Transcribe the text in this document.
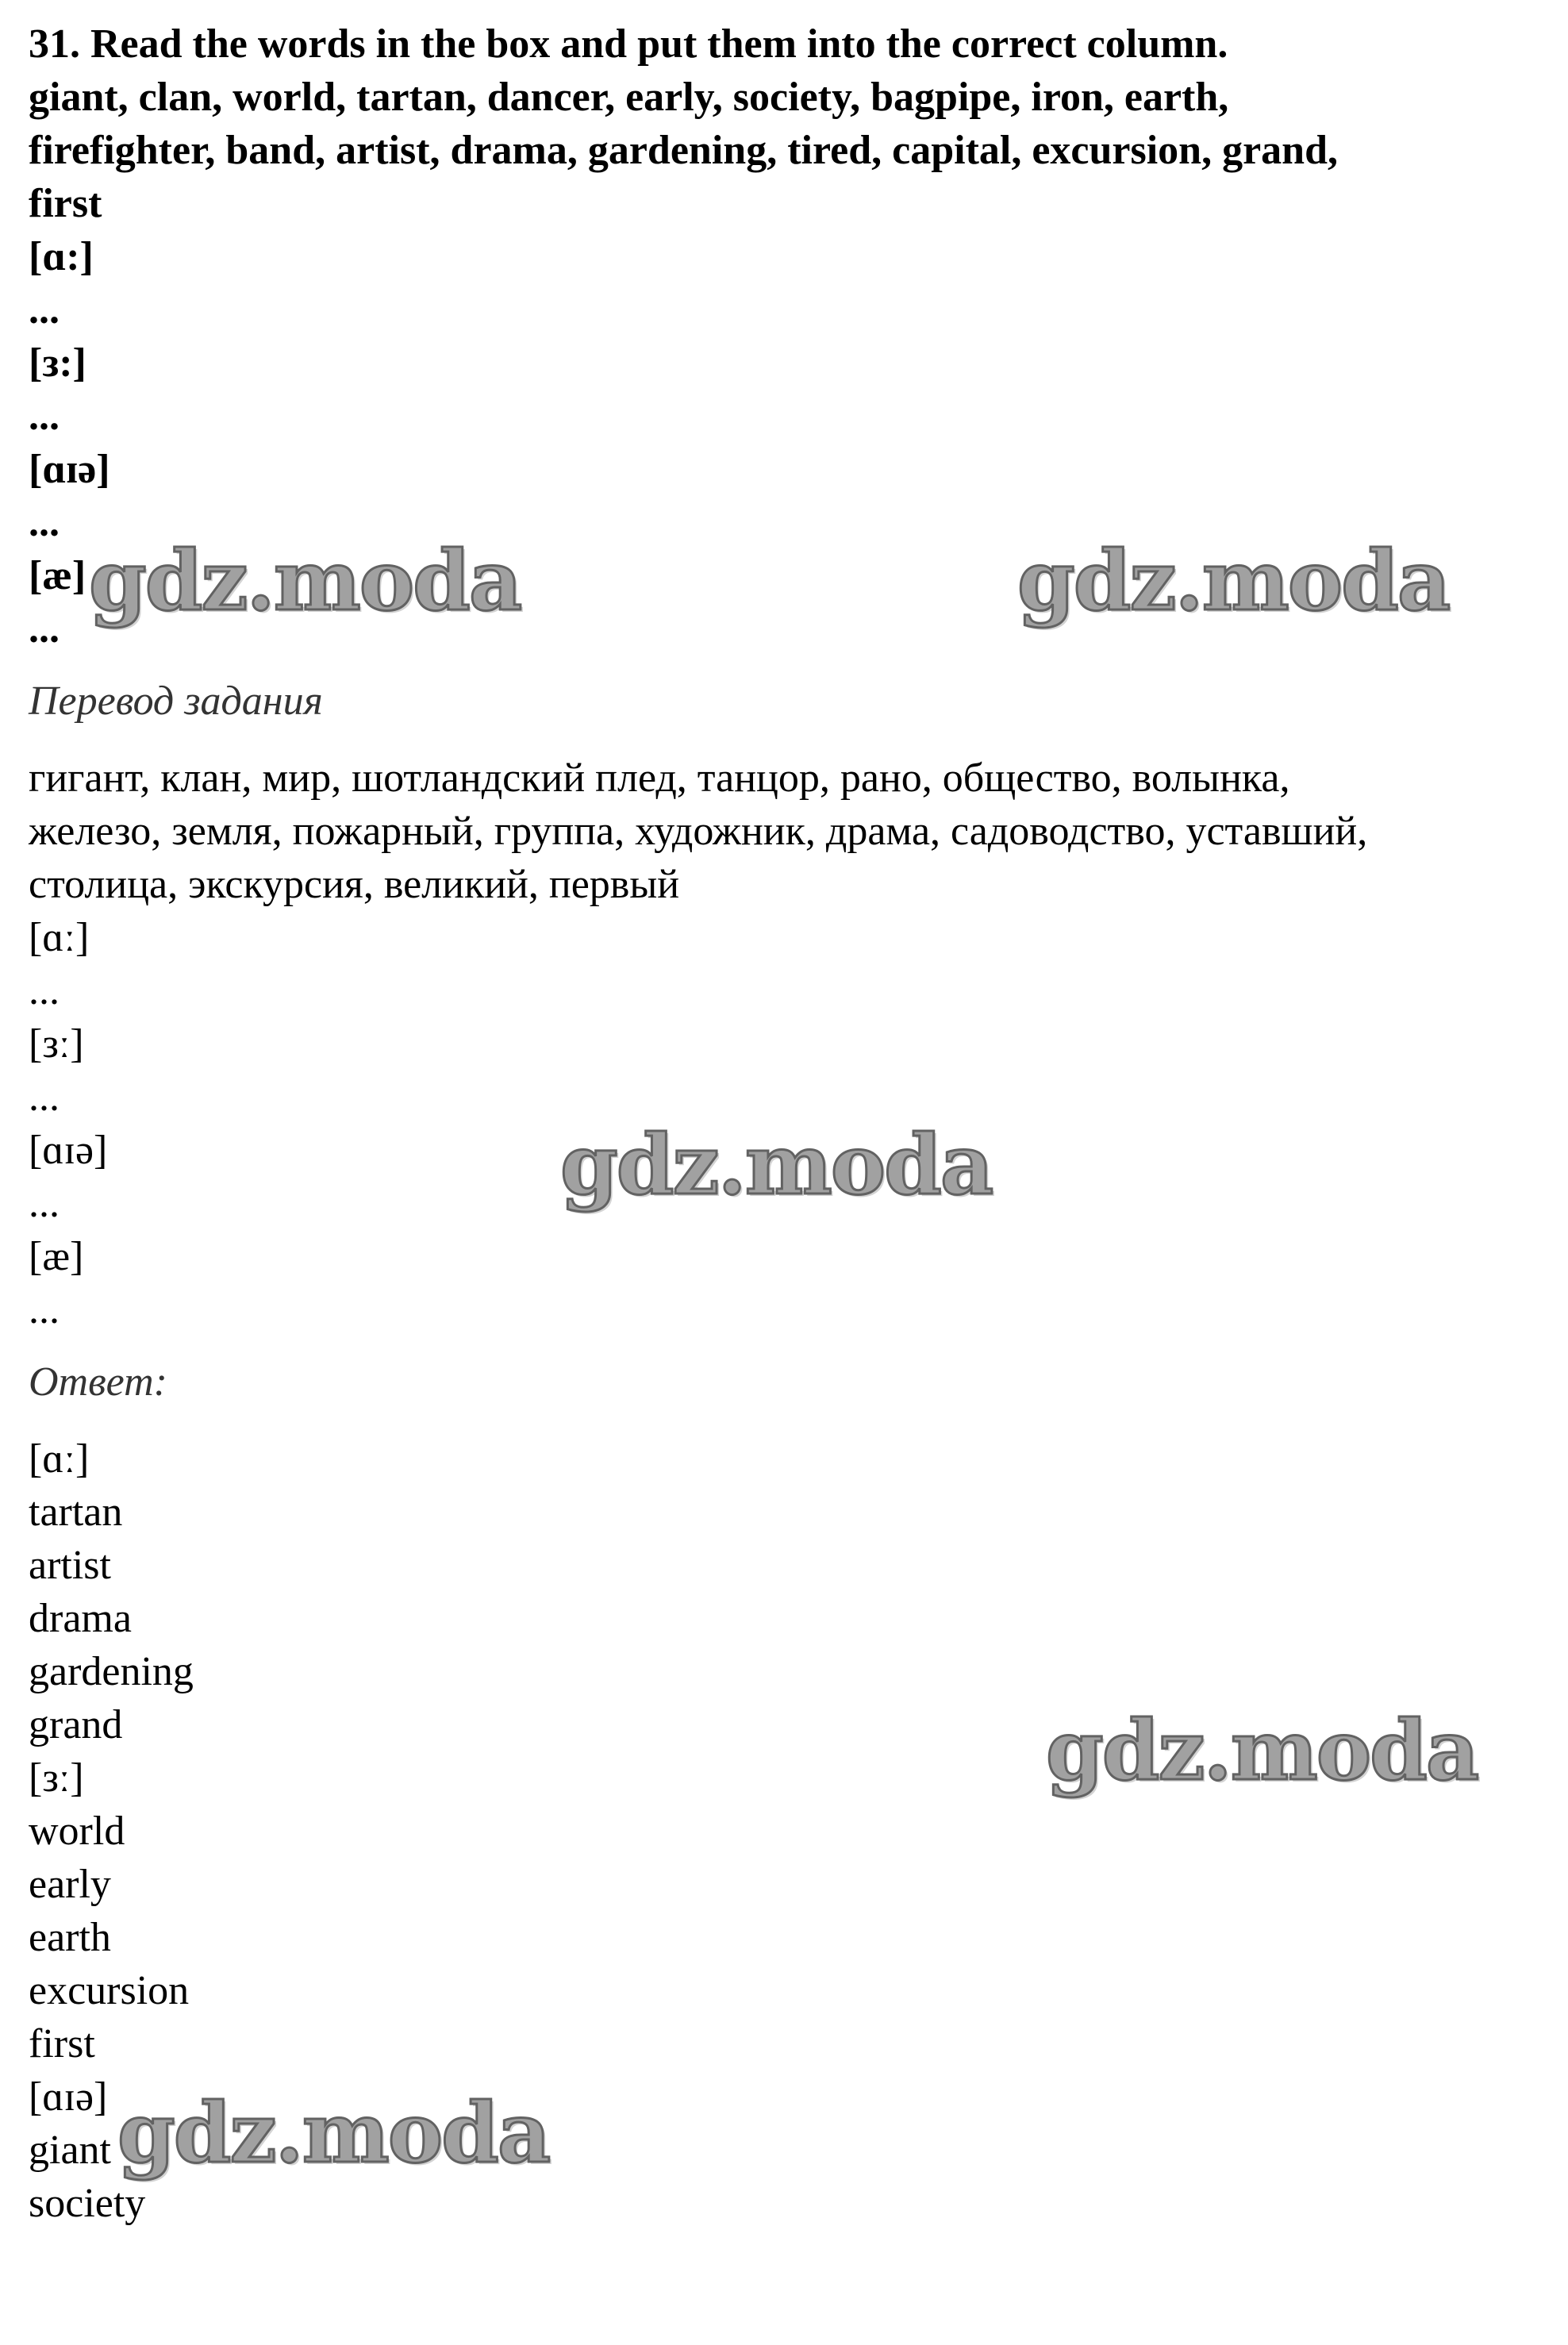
31. Read the words in the box and put them into the correct column.
giant, clan, world, tartan, dancer, early, society, bagpipe, iron, earth,
firefighter, band, artist, drama, gardening, tired, capital, excursion, grand,
first
[ɑ:]
...
[з:]
...
[ɑɪə]
...
[æ]
...
Перевод задания
гигант, клан, мир, шотландский плед, танцор, рано, общество, волынка,
железо, земля, пожарный, группа, художник, драма, садоводство, уставший,
столица, экскурсия, великий, первый
[ɑː]
...
[зː]
...
[ɑɪə]
...
[æ]
...
Ответ:
[ɑː]
tartan
artist
drama
gardening
grand
[зː]
world
early
earth
excursion
first
[ɑɪə]
giant
society
gdz.moda	gdz.moda
gdz.moda
gdz.moda
gdz.moda
